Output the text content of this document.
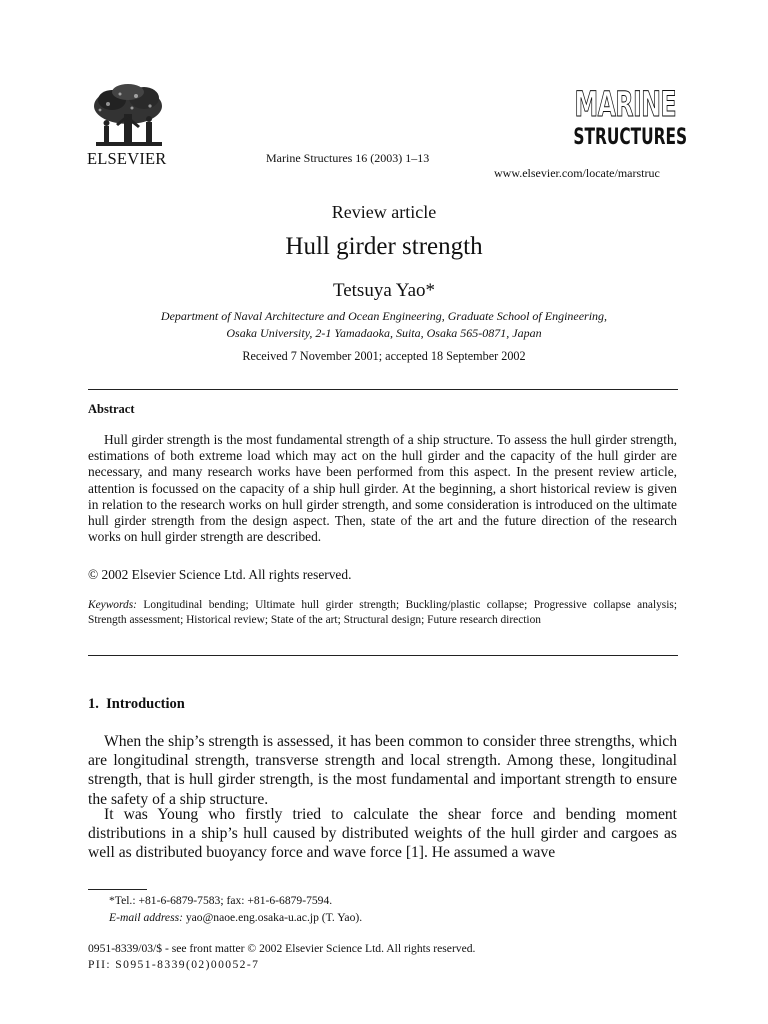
ELSEVIER	Marine Structures 16 (2003) 1–13
MARINE
STRUCTURES
www.elsevier.com/locate/marstruc
Review article
Hull girder strength
Tetsuya Yao*
Department of Naval Architecture and Ocean Engineering, Graduate School of Engineering,
Osaka University, 2-1 Yamadaoka, Suita, Osaka 565-0871, Japan
Received 7 November 2001; accepted 18 September 2002
Abstract

Hull girder strength is the most fundamental strength of a ship structure. To assess the hull girder strength, estimations of both extreme load which may act on the hull girder and the capacity of the hull girder are necessary, and many research works have been performed from this aspect. In the present review article, attention is focussed on the capacity of a ship hull girder. At the beginning, a short historical review is given in relation to the research works on hull girder strength, and some consideration is introduced on the ultimate hull girder strength from the design aspect. Then, state of the art and the future direction of the research works on hull girder strength are described.

© 2002 Elsevier Science Ltd. All rights reserved.

Keywords: Longitudinal bending; Ultimate hull girder strength; Buckling/plastic collapse; Progressive collapse analysis; Strength assessment; Historical review; State of the art; Structural design; Future research direction

1.  Introduction

When the ship’s strength is assessed, it has been common to consider three strengths, which are longitudinal strength, transverse strength and local strength. Among these, longitudinal strength, that is hull girder strength, is the most fundamental and important strength to ensure the safety of a ship structure.

It was Young who firstly tried to calculate the shear force and bending moment distributions in a ship’s hull caused by distributed weights of the hull girder and cargoes as well as distributed buoyancy force and wave force [1]. He assumed a wave

*Tel.: +81-6-6879-7583; fax: +81-6-6879-7594.
E-mail address: yao@naoe.eng.osaka-u.ac.jp (T. Yao).
0951-8339/03/$ - see front matter © 2002 Elsevier Science Ltd. All rights reserved.
PII: S0951-8339(02)00052-7
